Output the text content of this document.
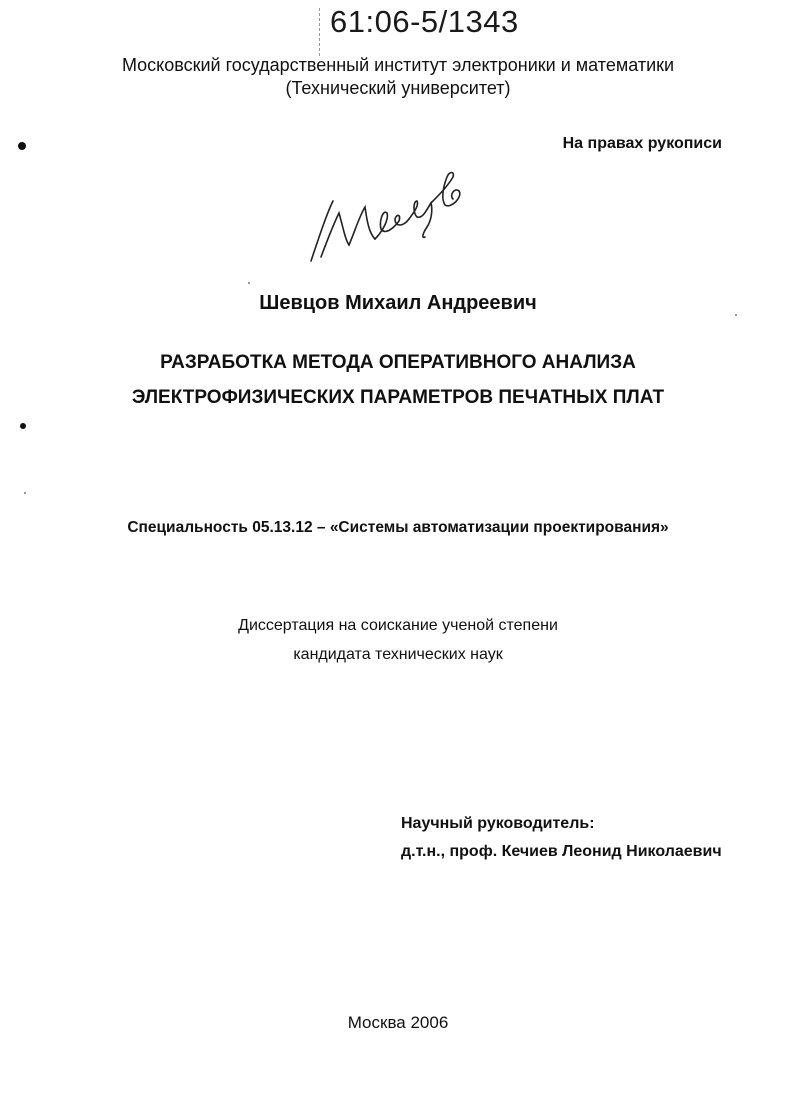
61:06-5/1343
Московский государственный институт электроники и математики
(Технический университет)
На правах рукописи
Шевцов Михаил Андреевич
РАЗРАБОТКА МЕТОДА ОПЕРАТИВНОГО АНАЛИЗА
ЭЛЕКТРОФИЗИЧЕСКИХ ПАРАМЕТРОВ ПЕЧАТНЫХ ПЛАТ
Специальность 05.13.12 – «Системы автоматизации проектирования»
Диссертация на соискание ученой степени
кандидата технических наук
Научный руководитель:
д.т.н., проф. Кечиев Леонид Николаевич
Москва 2006
